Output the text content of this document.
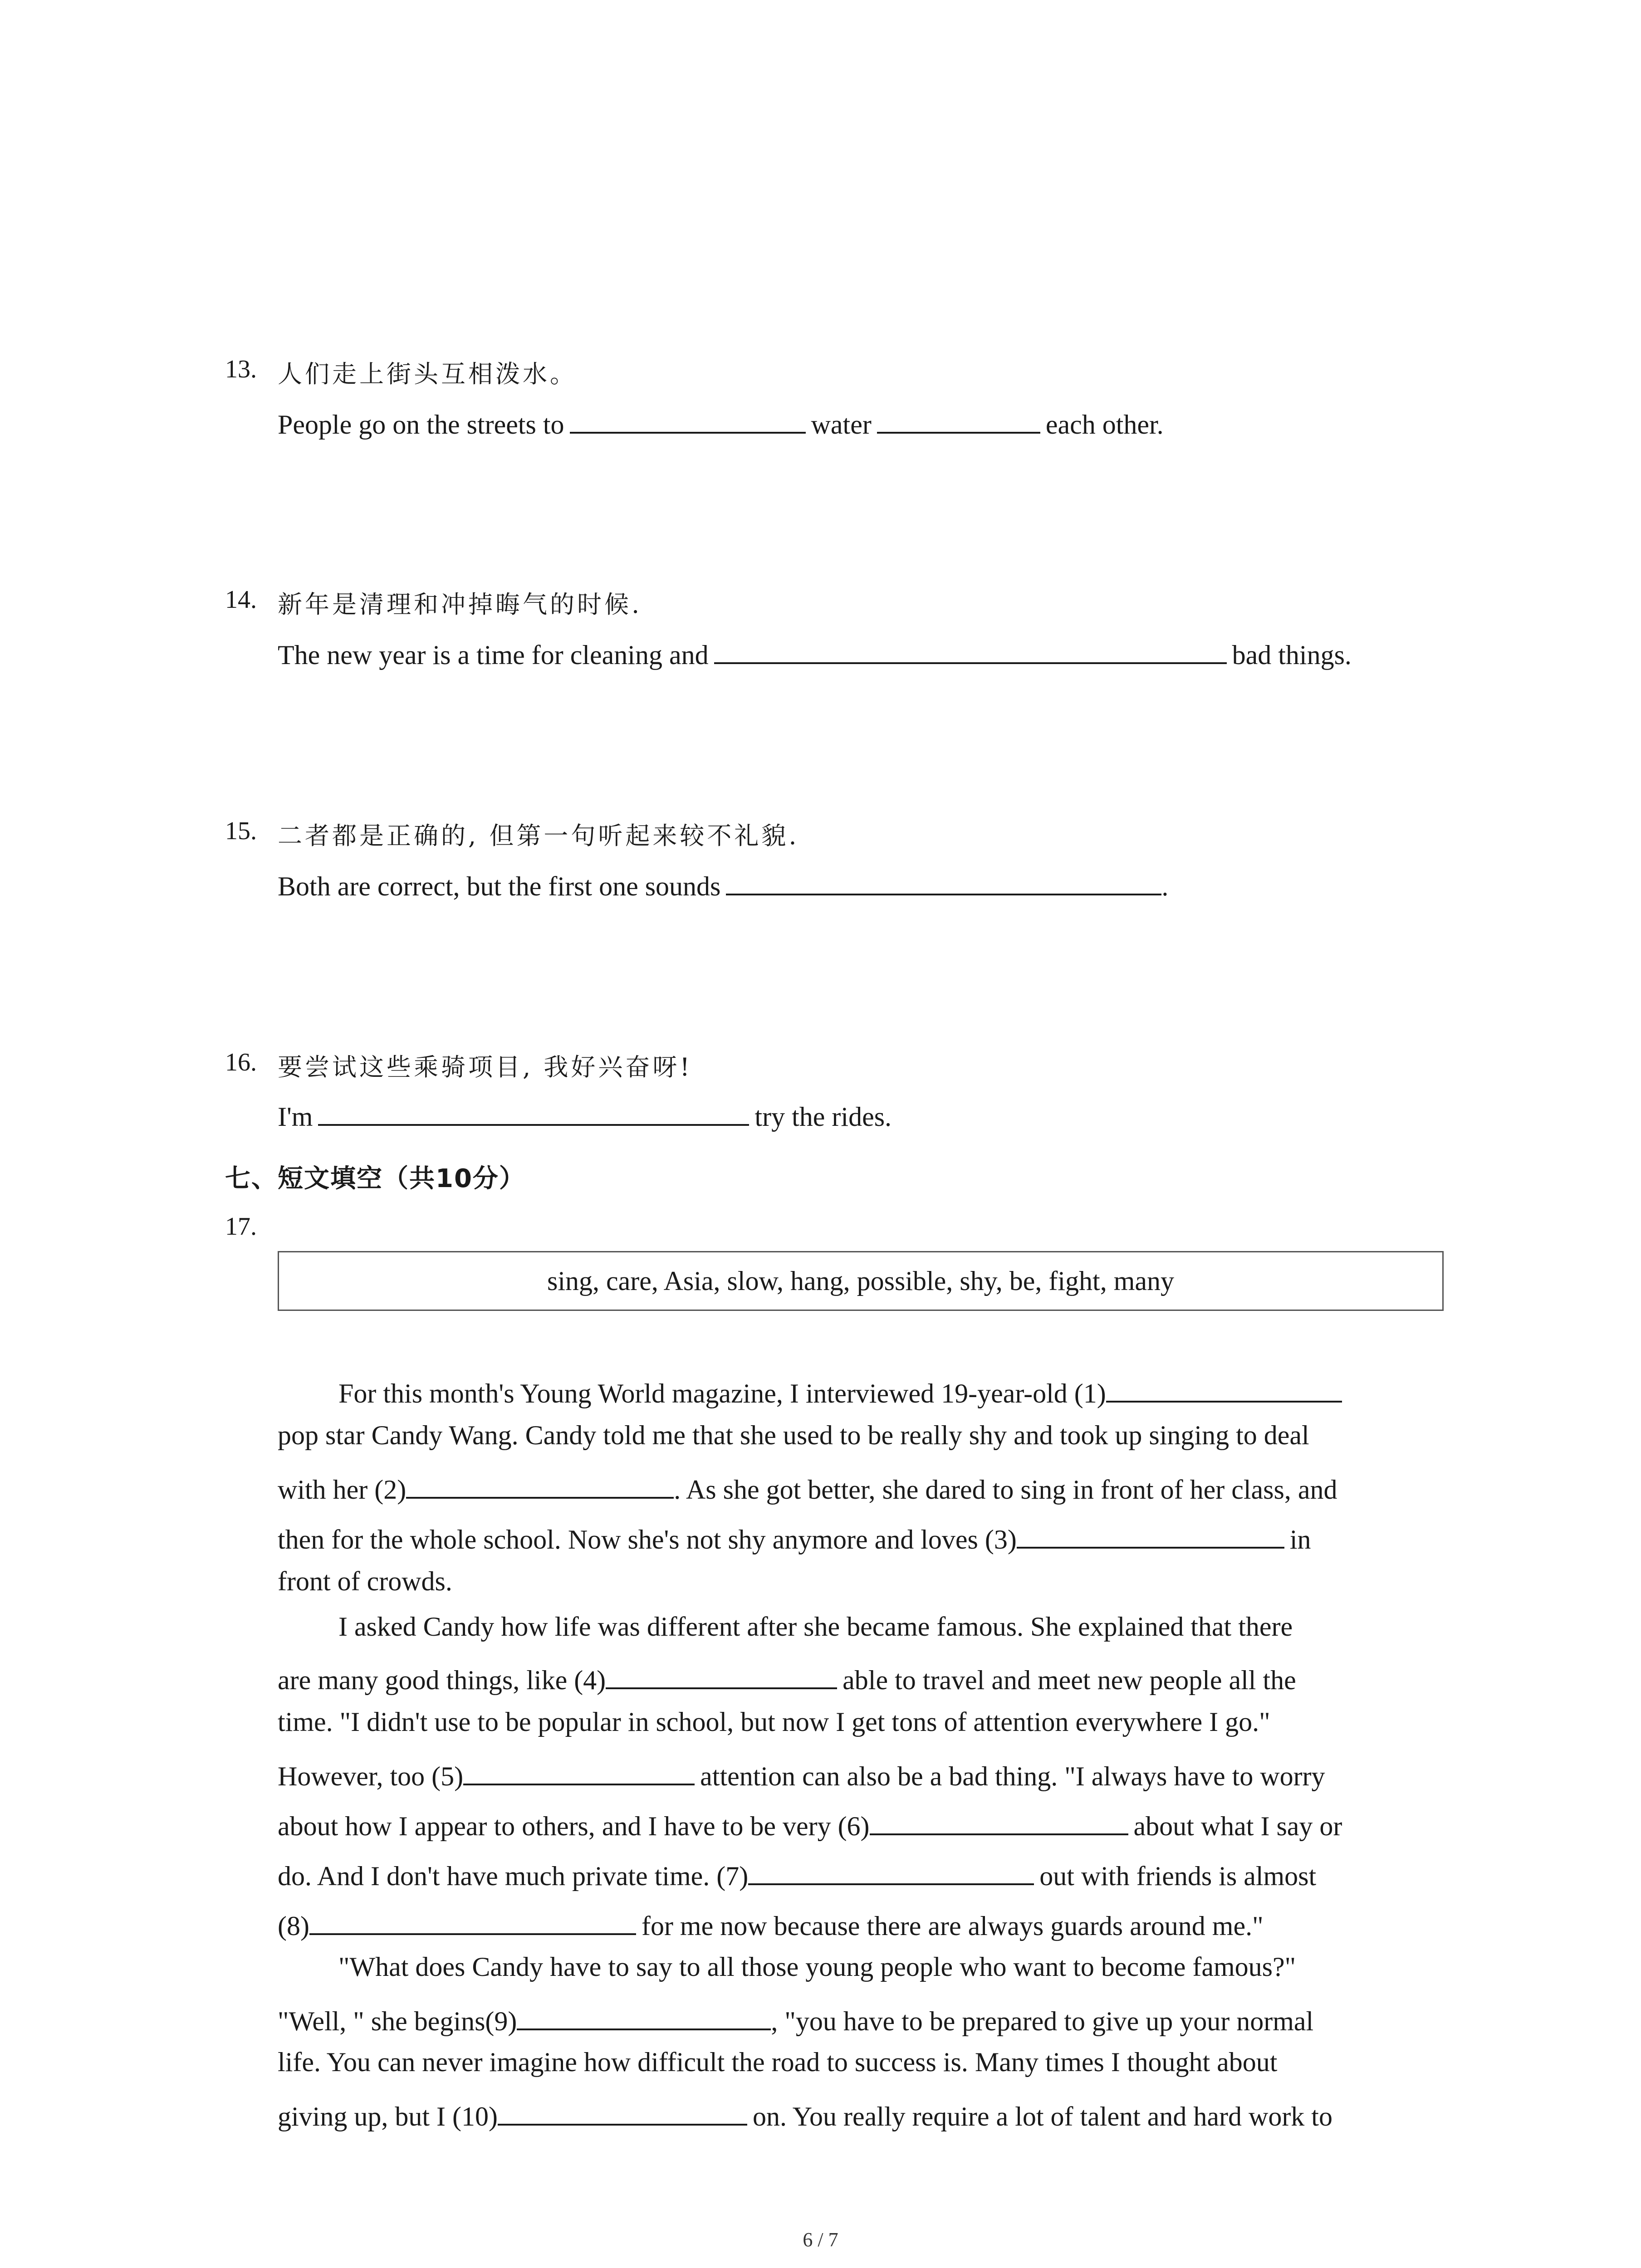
13. 人们走上街头互相泼水。
People go on the streets to	water	each other.
14. 新年是清理和冲掉晦气的时候.
The new year is a time for cleaning and	bad things.
15. 二者都是正确的, 但第一句听起来较不礼貌.
Both are correct, but the first one sounds	.
16. 要尝试这些乘骑项目, 我好兴奋呀!
I'm	try the rides.
七、短文填空（共10分）
17.
sing, care, Asia, slow, hang, possible, shy, be, fight, many
For this month's Young World magazine, I interviewed 19-year-old (1)
pop star Candy Wang. Candy told me that she used to be really shy and took up singing to deal
with her (2)	. As she got better, she dared to sing in front of her class, and
then for the whole school. Now she's not shy anymore and loves (3)	in
front of crowds.
I asked Candy how life was different after she became famous. She explained that there
are many good things, like (4)	able to travel and meet new people all the
time. "I didn't use to be popular in school, but now I get tons of attention everywhere I go."
However, too (5)	attention can also be a bad thing. "I always have to worry
about how I appear to others, and I have to be very (6)	about what I say or
do. And I don't have much private time. (7)	out with friends is almost
(8)	for me now because there are always guards around me."
"What does Candy have to say to all those young people who want to become famous?"
"Well, " she begins(9)	, "you have to be prepared to give up your normal
life. You can never imagine how difficult the road to success is. Many times I thought about
giving up, but I (10)	on. You really require a lot of talent and hard work to
6 / 7
